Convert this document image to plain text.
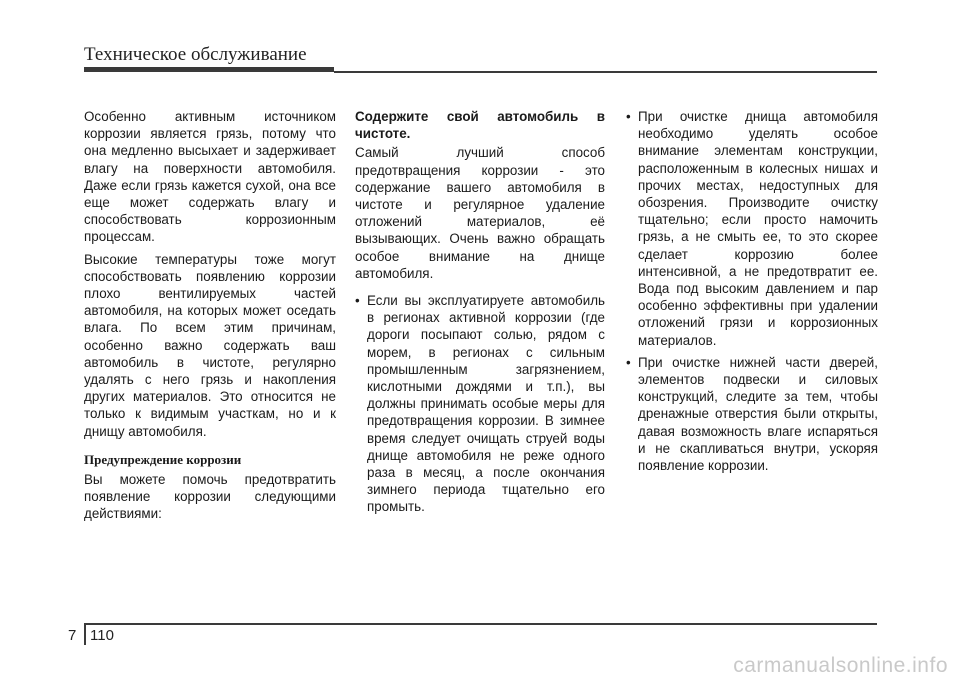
Техническое обслуживание

Особенно активным источником коррозии является грязь, потому что она медленно высыхает и задерживает влагу на поверхности автомобиля. Даже если грязь кажется сухой, она все еще может содержать влагу и способствовать коррозионным процессам.

Высокие температуры тоже могут способствовать появлению коррозии плохо вентилируемых частей автомобиля, на которых может оседать влага. По всем этим причинам, особенно важно содержать ваш автомобиль в чистоте, регулярно удалять с него грязь и накопления других материалов. Это относится не только к видимым участкам, но и к днищу автомобиля.

Предупреждение коррозии

Вы можете помочь предотвратить появление коррозии следующими действиями:

Содержите свой автомобиль в чистоте.

Самый лучший способ предотвращения коррозии - это содержание вашего автомобиля в чистоте и регулярное удаление отложений материалов, её вызывающих. Очень важно обращать особое внимание на днище автомобиля.

• Если вы эксплуатируете автомобиль в регионах активной коррозии (где дороги посыпают солью, рядом с морем, в регионах с сильным промышленным загрязнением, кислотными дождями и т.п.), вы должны принимать особые меры для предотвращения коррозии. В зимнее время следует очищать струей воды днище автомобиля не реже одного раза в месяц, а после окончания зимнего периода тщательно его промыть.
• При очистке днища автомобиля необходимо уделять особое внимание элементам конструкции, расположенным в колесных нишах и прочих местах, недоступных для обозрения. Производите очистку тщательно; если просто намочить грязь, а не смыть ее, то это скорее сделает коррозию более интенсивной, а не предотвратит ее. Вода под высоким давлением и пар особенно эффективны при удалении отложений грязи и коррозионных материалов.
• При очистке нижней части дверей, элементов подвески и силовых конструкций, следите за тем, чтобы дренажные отверстия были открыты, давая возможность влаге испаряться и не скапливаться внутри, ускоряя появление коррозии.
7 110
carmanualsonline.info
